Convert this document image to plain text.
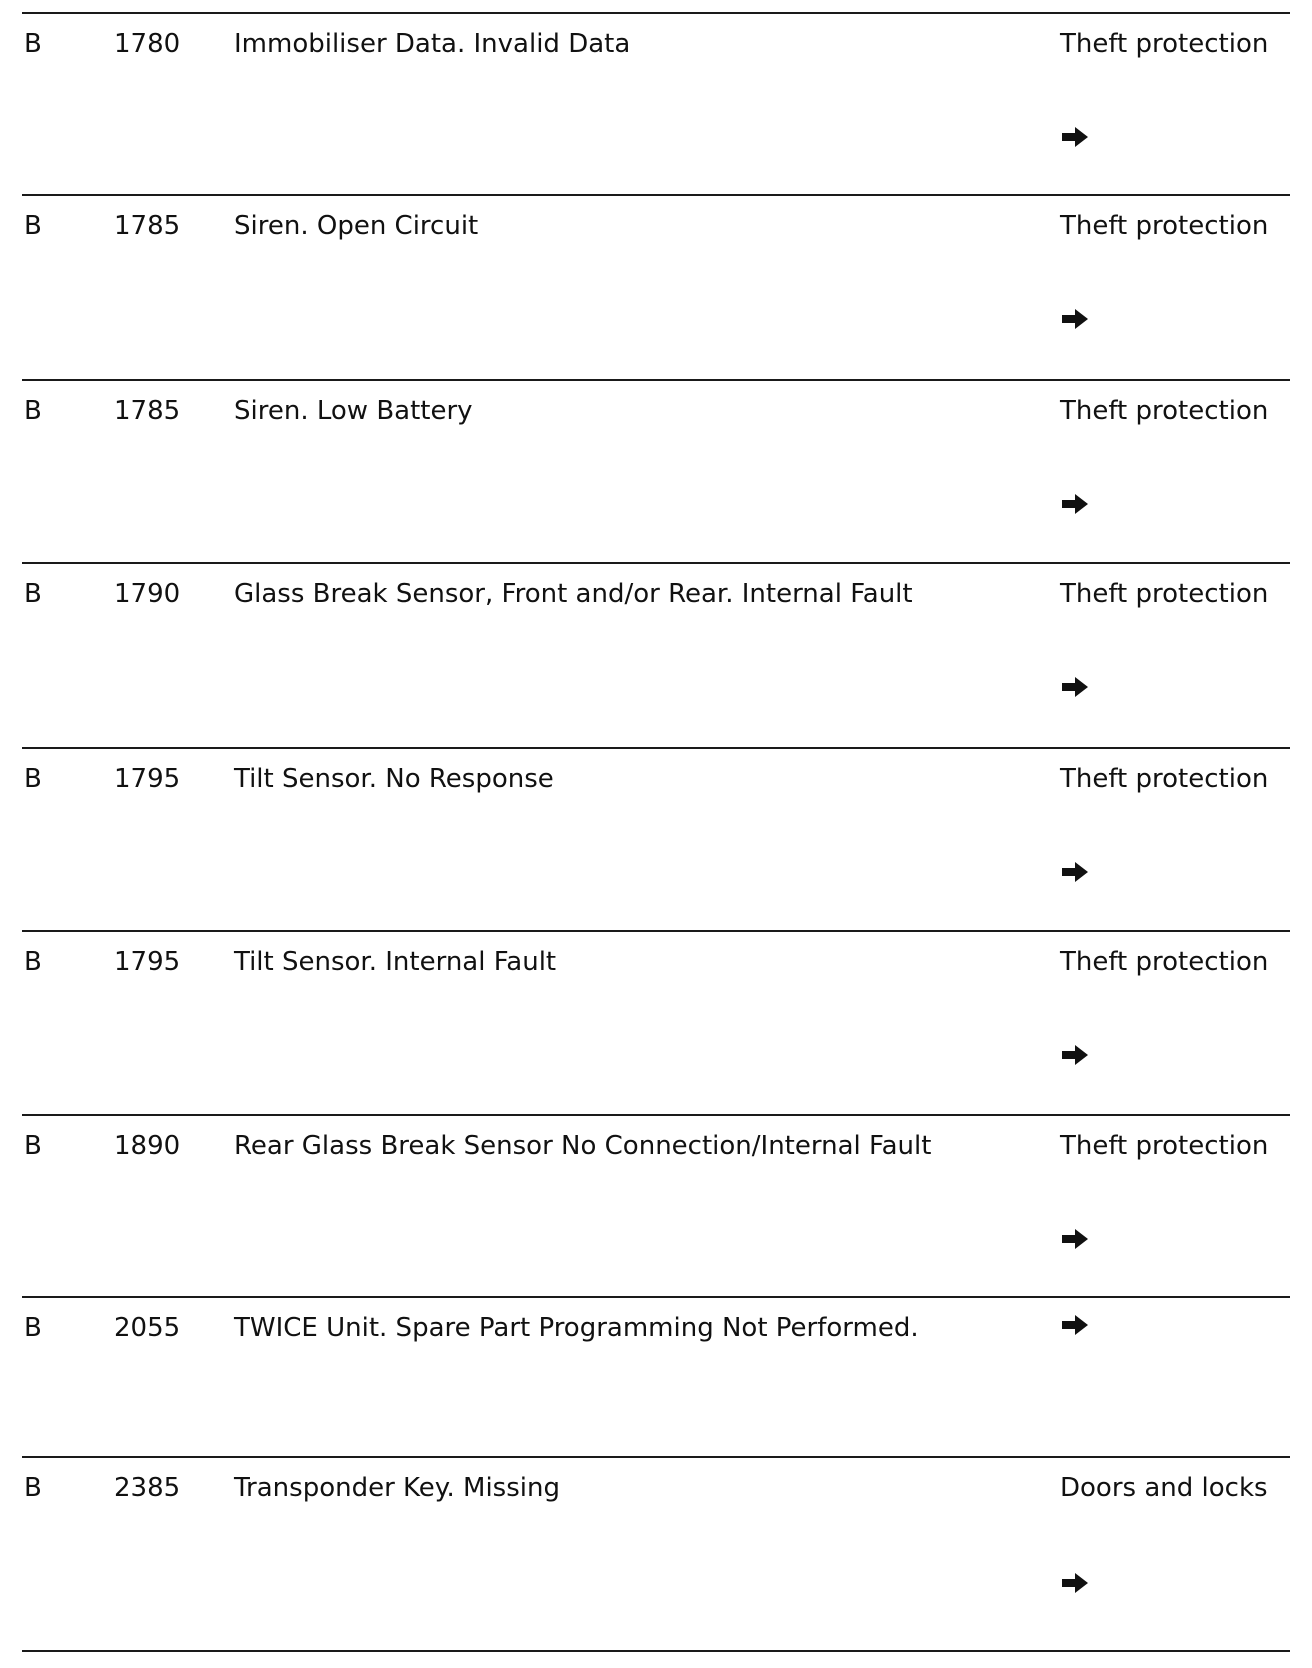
B	1780 Immobiliser Data. Invalid Data	Theft protection
B	1785 Siren. Open Circuit	Theft protection
B	1785 Siren. Low Battery	Theft protection
B	1790 Glass Break Sensor, Front and/or Rear. Internal Fault	Theft protection
B	1795 Tilt Sensor. No Response	Theft protection
B	1795 Tilt Sensor. Internal Fault	Theft protection
B	1890 Rear Glass Break Sensor No Connection/Internal Fault	Theft protection
B	2055 TWICE Unit. Spare Part Programming Not Performed.
B	2385 Transponder Key. Missing	Doors and locks
